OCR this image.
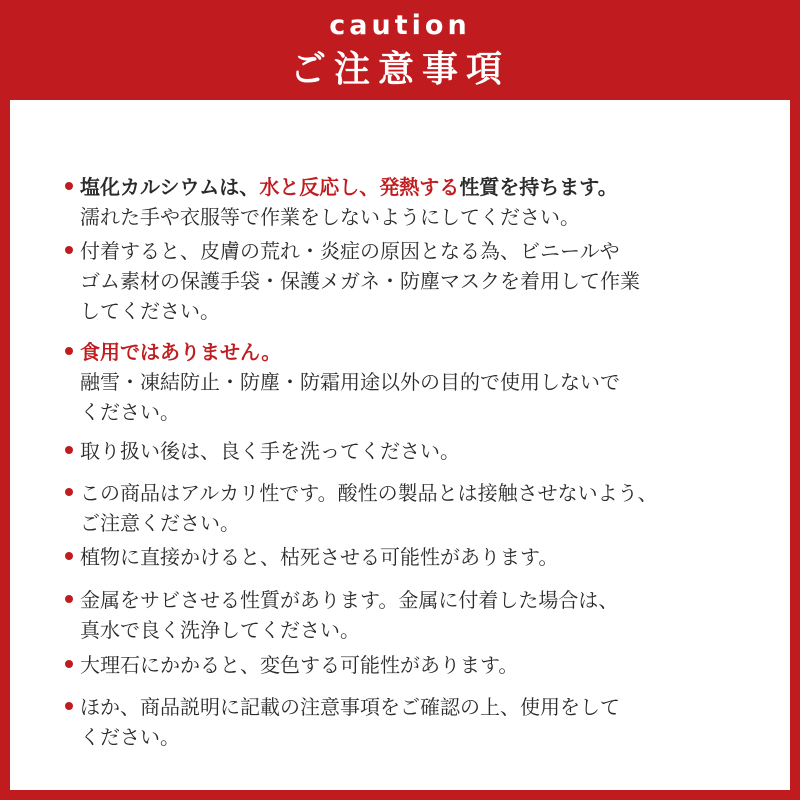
caution
ご注意事項
塩化カルシウムは、水と反応し、発熱する性質を持ちます。
濡れた手や衣服等で作業をしないようにしてください。
付着すると、皮膚の荒れ・炎症の原因となる為、ビニールや
ゴム素材の保護手袋・保護メガネ・防塵マスクを着用して作業
してください。
食用ではありません。
融雪・凍結防止・防塵・防霜用途以外の目的で使用しないで
ください。
取り扱い後は、良く手を洗ってください。
この商品はアルカリ性です。酸性の製品とは接触させないよう、
ご注意ください。
植物に直接かけると、枯死させる可能性があります。
金属をサビさせる性質があります。金属に付着した場合は、
真水で良く洗浄してください。
大理石にかかると、変色する可能性があります。
ほか、商品説明に記載の注意事項をご確認の上、使用をして
ください。
